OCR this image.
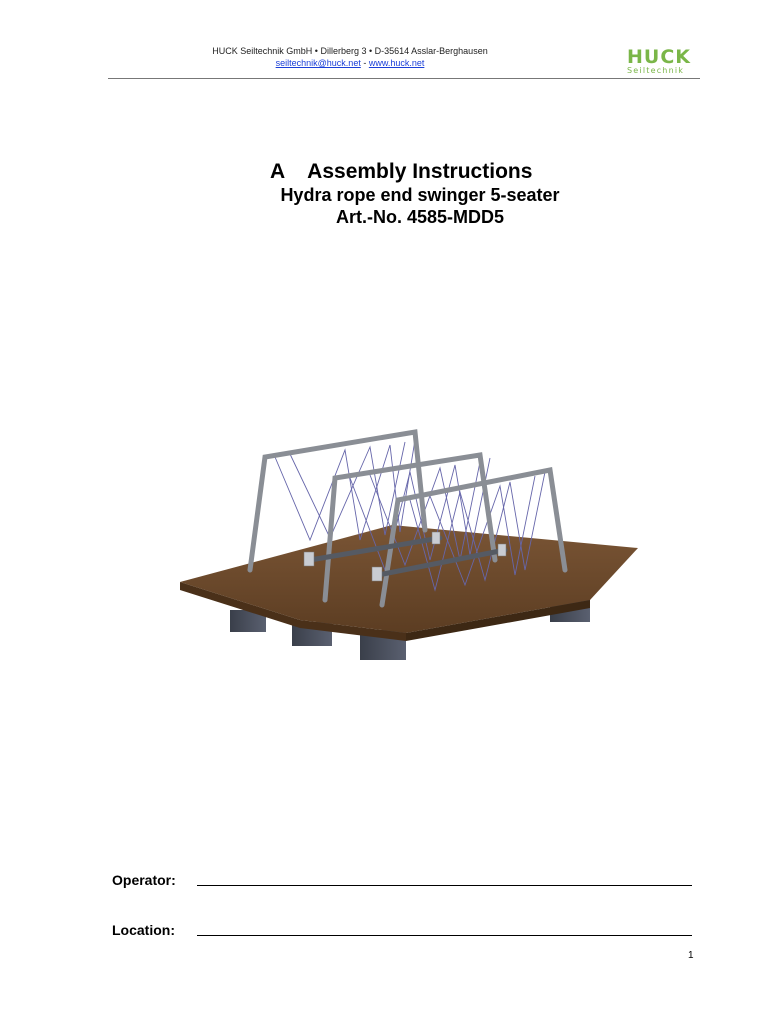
HUCK Seiltechnik GmbH • Dillerberg 3 • D-35614 Asslar-Berghausen
seiltechnik@huck.net - www.huck.net	HUCK
Seiltechnik
A Assembly Instructions
Hydra rope end swinger 5-seater
Art.-No. 4585-MDD5
Operator:
Location:
1
